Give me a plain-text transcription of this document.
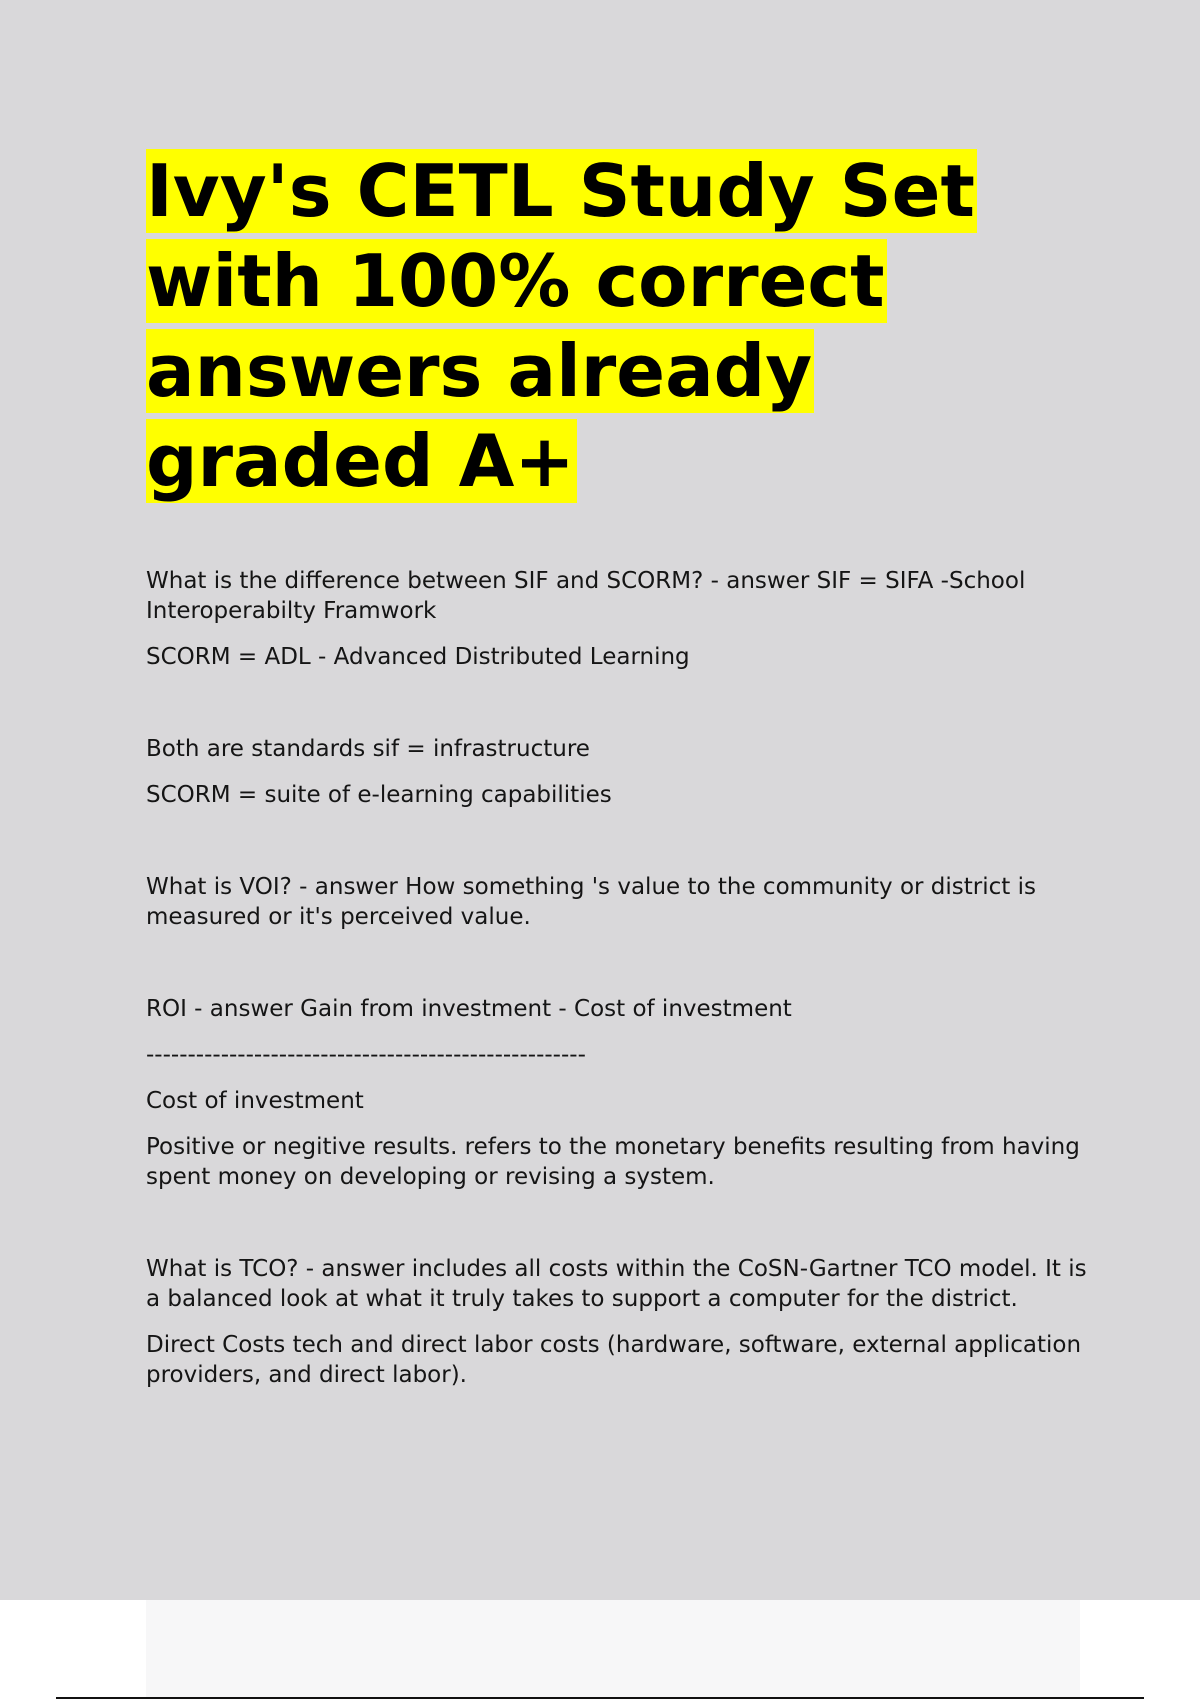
Ivy's CETL Study Set with 100% correct answers already graded A+

What is the difference between SIF and SCORM? - answer SIF = SIFA -School Interoperabilty Framwork

SCORM = ADL - Advanced Distributed Learning

Both are standards sif = infrastructure

SCORM = suite of e-learning capabilities

What is VOI? - answer How something 's value to the community or district is measured or it's perceived value.

ROI - answer Gain from investment - Cost of investment

-----------------------------------------------------

Cost of investment

Positive or negitive results. refers to the monetary benefits resulting from having spent money on developing or revising a system.

What is TCO? - answer includes all costs within the CoSN-Gartner TCO model. It is a balanced look at what it truly takes to support a computer for the district.

Direct Costs tech and direct labor costs (hardware, software, external application providers, and direct labor).
